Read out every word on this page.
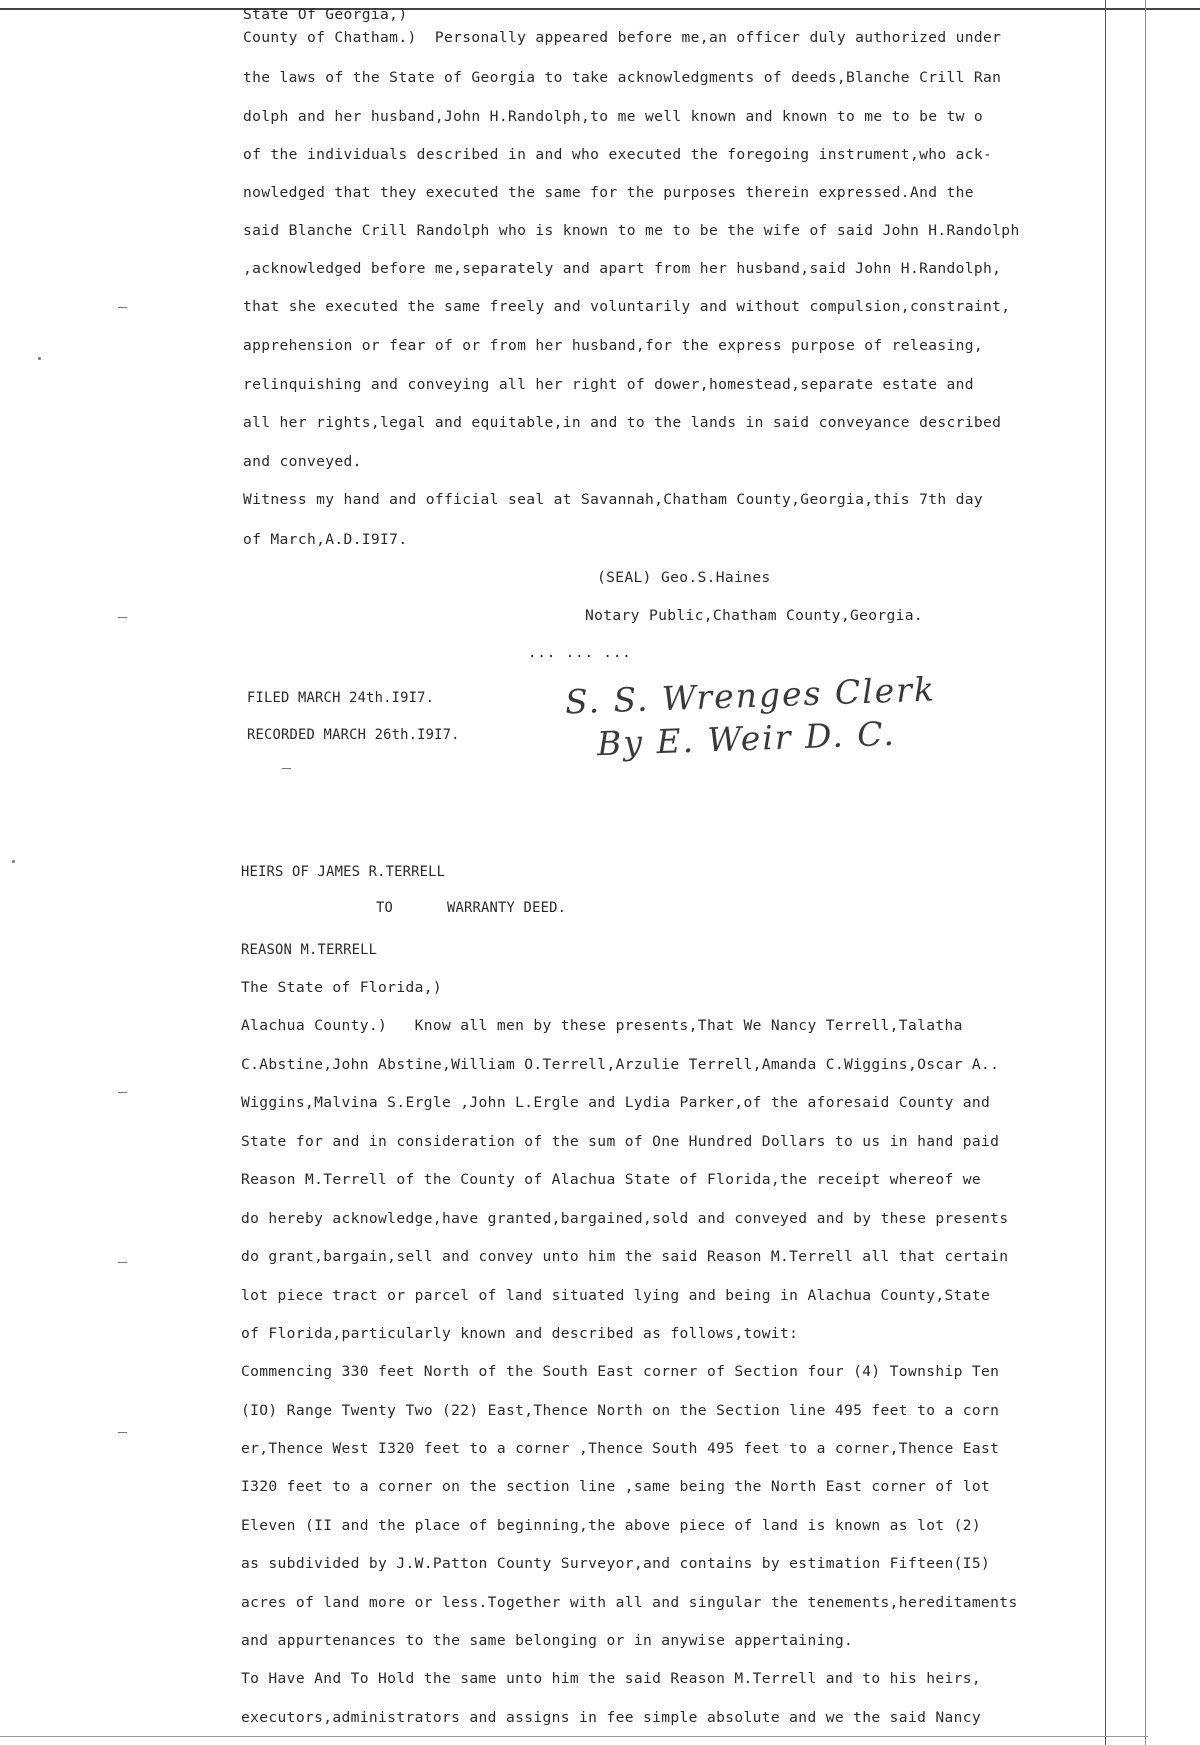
State Of Georgia,)
County of Chatham.)  Personally appeared before me,an officer duly authorized under
the laws of the State of Georgia to take acknowledgments of deeds,Blanche Crill Ran
dolph and her husband,John H.Randolph,to me well known and known to me to be tw o
of the individuals described in and who executed the foregoing instrument,who ack-
nowledged that they executed the same for the purposes therein expressed.And the
said Blanche Crill Randolph who is known to me to be the wife of said John H.Randolph
,acknowledged before me,separately and apart from her husband,said John H.Randolph,
that she executed the same freely and voluntarily and without compulsion,constraint,
apprehension or fear of or from her husband,for the express purpose of releasing,
relinquishing and conveying all her right of dower,homestead,separate estate and
all her rights,legal and equitable,in and to the lands in said conveyance described
and conveyed.
Witness my hand and official seal at Savannah,Chatham County,Georgia,this 7th day
of March,A.D.I9I7.
(SEAL) Geo.S.Haines
Notary Public,Chatham County,Georgia.
... ... ...
FILED MARCH 24th.I9I7.
RECORDED MARCH 26th.I9I7.
S. S. Wrenges Clerk
By E. Weir D. C.
HEIRS OF JAMES R.TERRELL
TO	WARRANTY DEED.
REASON M.TERRELL
The State of Florida,)
Alachua County.)   Know all men by these presents,That We Nancy Terrell,Talatha
C.Abstine,John Abstine,William O.Terrell,Arzulie Terrell,Amanda C.Wiggins,Oscar A..
Wiggins,Malvina S.Ergle ,John L.Ergle and Lydia Parker,of the aforesaid County and
State for and in consideration of the sum of One Hundred Dollars to us in hand paid
Reason M.Terrell of the County of Alachua State of Florida,the receipt whereof we
do hereby acknowledge,have granted,bargained,sold and conveyed and by these presents
do grant,bargain,sell and convey unto him the said Reason M.Terrell all that certain
lot piece tract or parcel of land situated lying and being in Alachua County,State
of Florida,particularly known and described as follows,towit:
Commencing 330 feet North of the South East corner of Section four (4) Township Ten
(IO) Range Twenty Two (22) East,Thence North on the Section line 495 feet to a corn
er,Thence West I320 feet to a corner ,Thence South 495 feet to a corner,Thence East
I320 feet to a corner on the section line ,same being the North East corner of lot
Eleven (II and the place of beginning,the above piece of land is known as lot (2)
as subdivided by J.W.Patton County Surveyor,and contains by estimation Fifteen(I5)
acres of land more or less.Together with all and singular the tenements,hereditaments
and appurtenances to the same belonging or in anywise appertaining.
To Have And To Hold the same unto him the said Reason M.Terrell and to his heirs,
executors,administrators and assigns in fee simple absolute and we the said Nancy
